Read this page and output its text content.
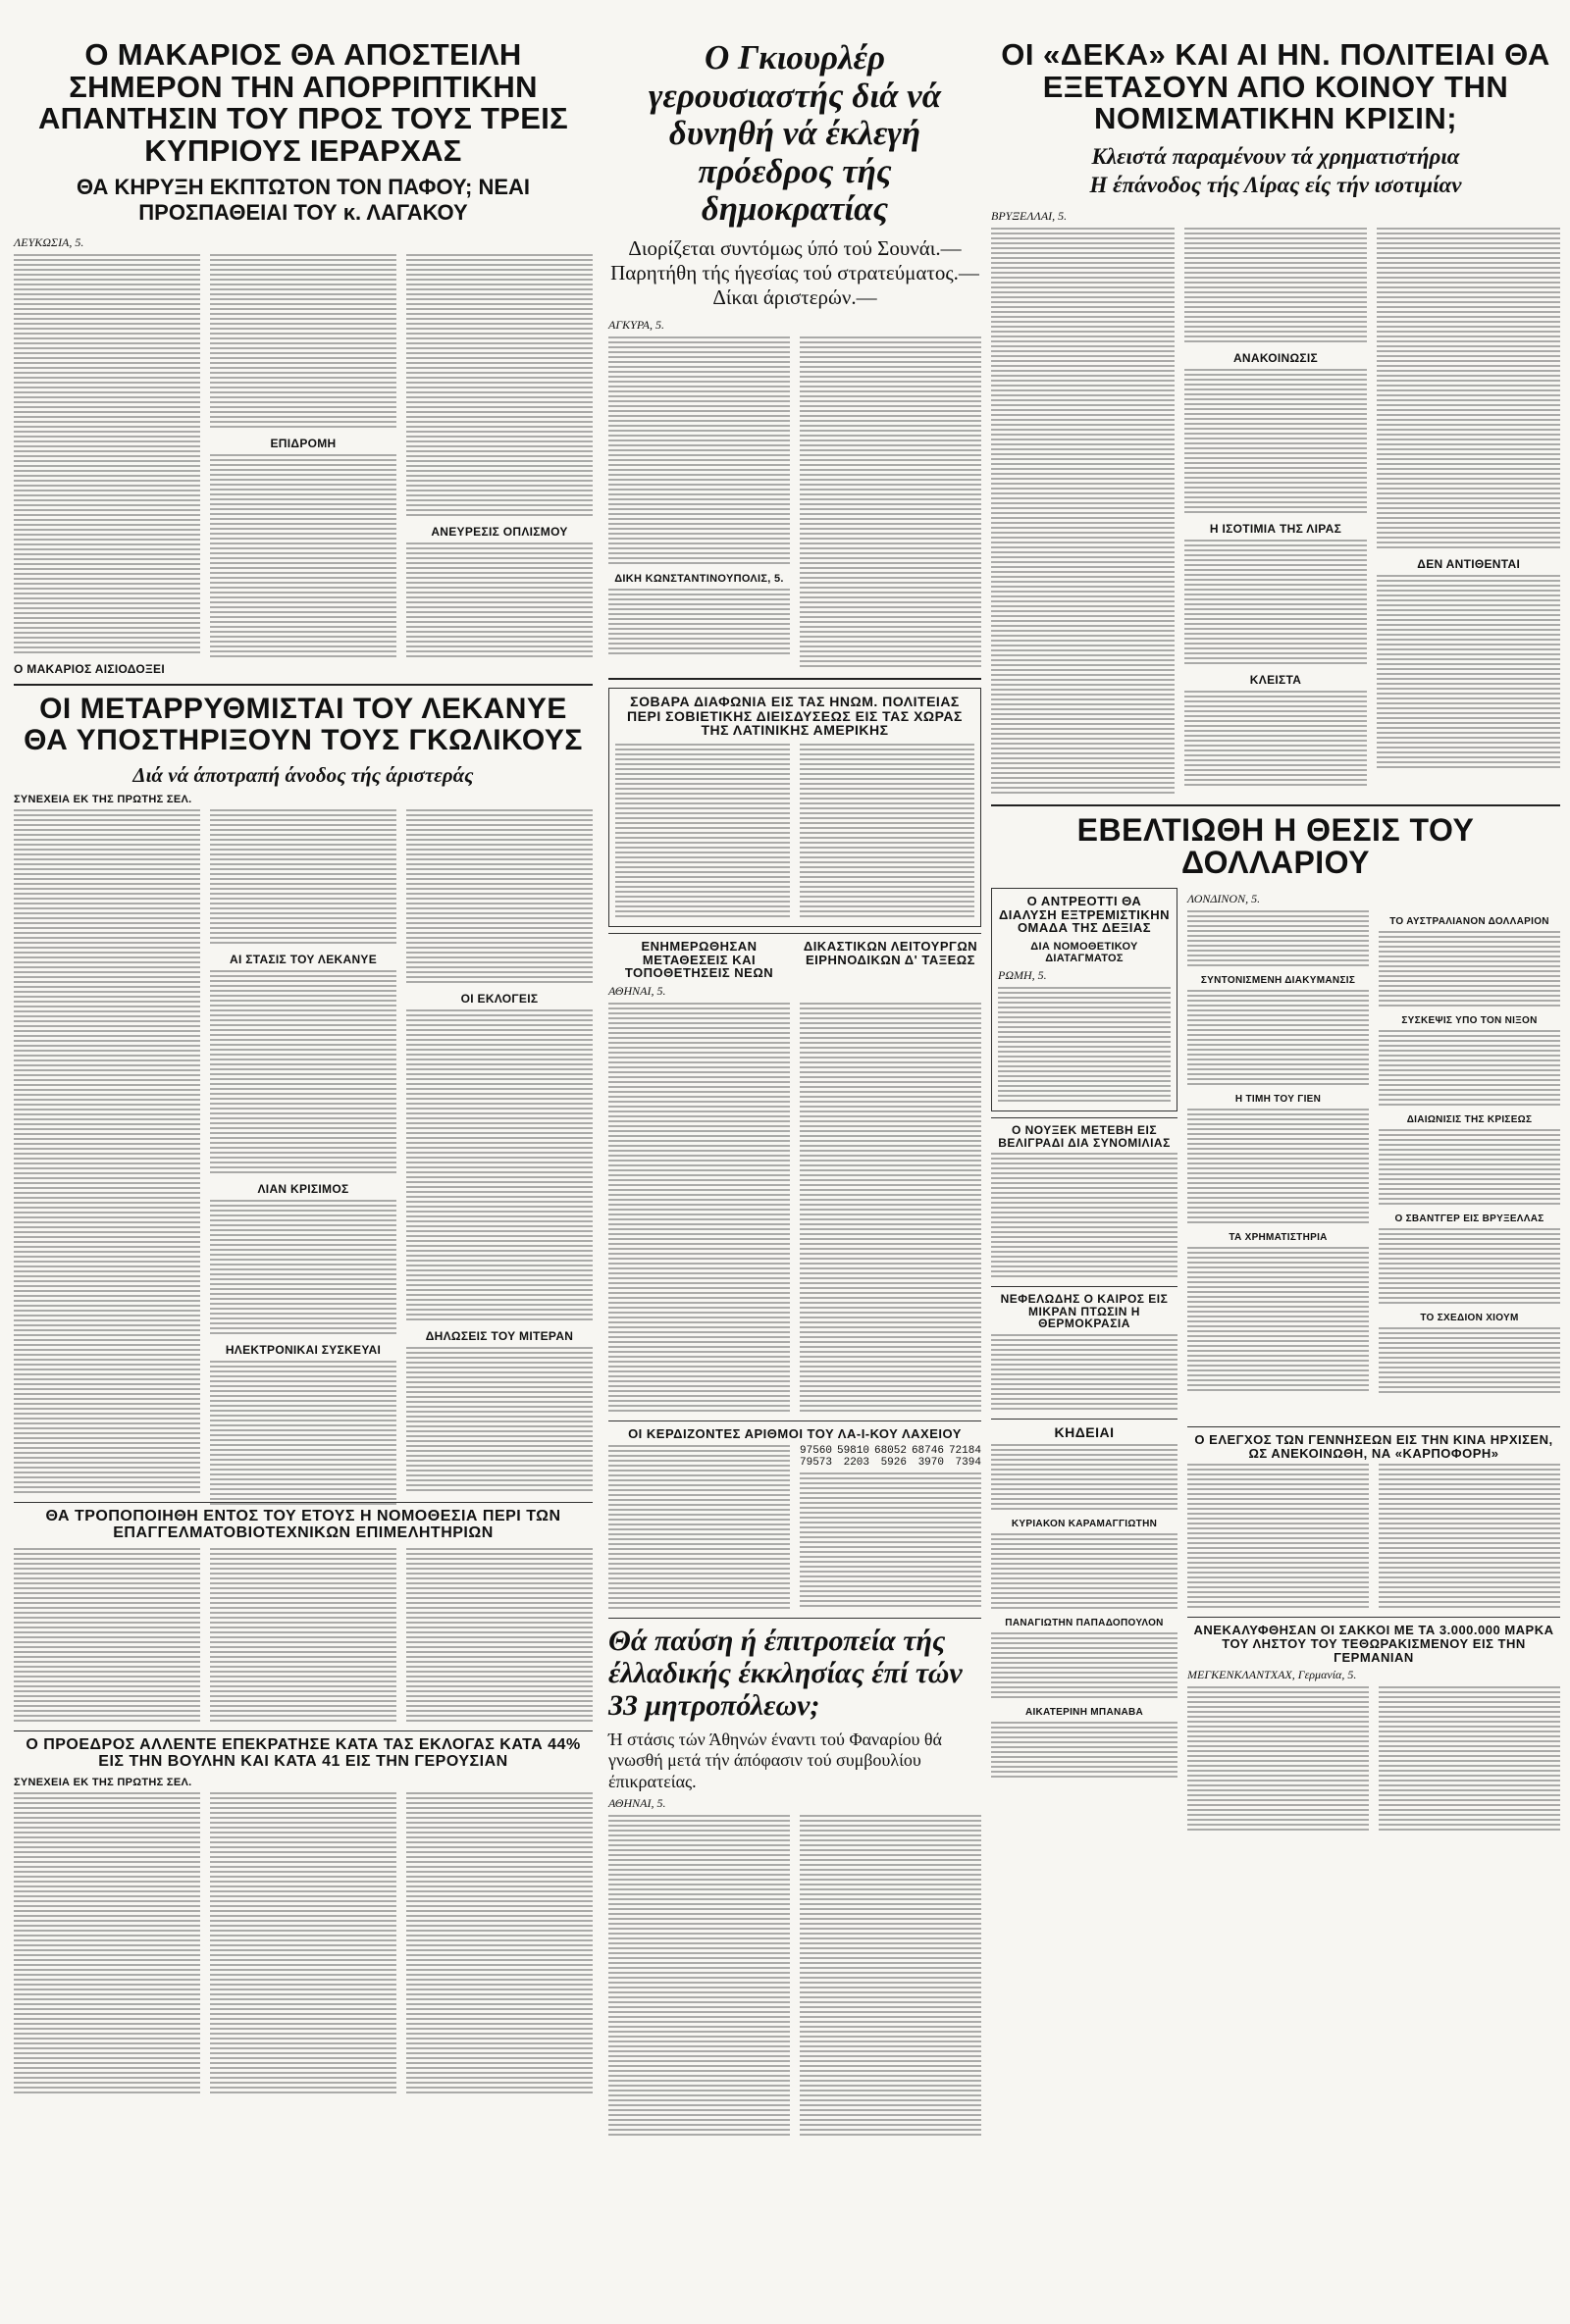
Ο ΜΑΚΑΡΙΟΣ ΘΑ ΑΠΟΣΤΕΙΛΗ ΣΗΜΕΡΟΝ ΤΗΝ ΑΠΟΡΡΙΠΤΙΚΗΝ ΑΠΑΝΤΗΣΙΝ ΤΟΥ ΠΡΟΣ ΤΟΥΣ ΤΡΕΙΣ ΚΥΠΡΙΟΥΣ ΙΕΡΑΡΧΑΣ
ΘΑ ΚΗΡΥΞΗ ΕΚΠΤΩΤΟΝ ΤΟΝ ΠΑΦΟΥ; ΝΕΑΙ ΠΡΟΣΠΑΘΕΙΑΙ ΤΟΥ κ. ΛΑΓΑΚΟΥ
ΛΕΥΚΩΣΙΑ, 5.
ΕΠΙΔΡΟΜΗ
ΑΝΕΥΡΕΣΙΣ ΟΠΛΙΣΜΟΥ
Ο ΜΑΚΑΡΙΟΣ ΑΙΣΙΟΔΟΞΕΙ
ΟΙ ΜΕΤΑΡΡΥΘΜΙΣΤΑΙ ΤΟΥ ΛΕΚΑΝΥΕ ΘΑ ΥΠΟΣΤΗΡΙΞΟΥΝ ΤΟΥΣ ΓΚΩΛΙΚΟΥΣ
Διά νά άποτραπή άνοδος τής άριστεράς
ΣΥΝΕΧΕΙΑ ΕΚ ΤΗΣ ΠΡΩΤΗΣ ΣΕΛ.
ΑΙ ΣΤΑΣΙΣ ΤΟΥ ΛΕΚΑΝΥΕ
ΛΙΑΝ ΚΡΙΣΙΜΟΣ
ΗΛΕΚΤΡΟΝΙΚΑΙ ΣΥΣΚΕΥΑΙ
ΟΙ ΕΚΛΟΓΕΙΣ
ΔΗΛΩΣΕΙΣ ΤΟΥ ΜΙΤΕΡΑΝ
ΘΑ ΤΡΟΠΟΠΟΙΗΘΗ ΕΝΤΟΣ ΤΟΥ ΕΤΟΥΣ Η ΝΟΜΟΘΕΣΙΑ ΠΕΡΙ ΤΩΝ ΕΠΑΓΓΕΛΜΑΤΟΒΙΟΤΕΧΝΙΚΩΝ ΕΠΙΜΕΛΗΤΗΡΙΩΝ
Ο ΠΡΟΕΔΡΟΣ ΑΛΛΕΝΤΕ ΕΠΕΚΡΑΤΗΣΕ ΚΑΤΑ ΤΑΣ ΕΚΛΟΓΑΣ ΚΑΤΑ 44% ΕΙΣ ΤΗΝ ΒΟΥΛΗΝ ΚΑΙ ΚΑΤΑ 41 ΕΙΣ ΤΗΝ ΓΕΡΟΥΣΙΑΝ
ΣΥΝΕΧΕΙΑ ΕΚ ΤΗΣ ΠΡΩΤΗΣ ΣΕΛ.
Ο Γκιουρλέρ γερουσιαστής διά νά δυνηθή νά έκλεγή πρόεδρος τής δημοκρατίας
Διορίζεται συντόμως ύπό τού Σουνάι.— Παρητήθη τής ήγεσίας τού στρατεύματος.— Δίκαι άριστερών.—
ΑΓΚΥΡΑ, 5.
ΔΙΚΗ ΚΩΝΣΤΑΝΤΙΝΟΥΠΟΛΙΣ, 5.
ΣΟΒΑΡΑ ΔΙΑΦΩΝΙΑ ΕΙΣ ΤΑΣ ΗΝΩΜ. ΠΟΛΙΤΕΙΑΣ ΠΕΡΙ ΣΟΒΙΕΤΙΚΗΣ ΔΙΕΙΣΔΥΣΕΩΣ ΕΙΣ ΤΑΣ ΧΩΡΑΣ ΤΗΣ ΛΑΤΙΝΙΚΗΣ ΑΜΕΡΙΚΗΣ
ΕΝΗΜΕΡΩΘΗΣΑΝ ΜΕΤΑΘΕΣΕΙΣ ΚΑΙ ΤΟΠΟΘΕΤΗΣΕΙΣ ΝΕΩΝ
ΔΙΚΑΣΤΙΚΩΝ ΛΕΙΤΟΥΡΓΩΝ ΕΙΡΗΝΟΔΙΚΩΝ Δ' ΤΑΞΕΩΣ
ΑΘΗΝΑΙ, 5.
ΟΙ ΚΕΡΔΙΖΟΝΤΕΣ ΑΡΙΘΜΟΙ ΤΟΥ ΛΑ-Ι-ΚΟΥ ΛΑΧΕΙΟΥ
97560 59810 68052 68746 72184
79573 2203 5926 3970 7394
Θά παύση ή έπιτροπεία τής έλλαδικής έκκλησίας έπί τών 33 μητροπόλεων;
Ή στάσις τών Άθηνών έναντι τού Φαναρίου θά γνωσθή μετά τήν άπόφασιν τού συμβουλίου έπικρατείας.
ΑΘΗΝΑΙ, 5.
ΟΙ «ΔΕΚΑ» ΚΑΙ ΑΙ ΗΝ. ΠΟΛΙΤΕΙΑΙ ΘΑ ΕΞΕΤΑΣΟΥΝ ΑΠΟ ΚΟΙΝΟΥ ΤΗΝ ΝΟΜΙΣΜΑΤΙΚΗΝ ΚΡΙΣΙΝ;
Κλειστά παραμένουν τά χρηματιστήρια
Η έπάνοδος τής Λίρας είς τήν ισοτιμίαν
ΒΡΥΞΕΛΛΑΙ, 5.
ΑΝΑΚΟΙΝΩΣΙΣ
Η ΙΣΟΤΙΜΙΑ ΤΗΣ ΛΙΡΑΣ
ΚΛΕΙΣΤΑ
ΔΕΝ ΑΝΤΙΘΕΝΤΑΙ
ΕΒΕΛΤΙΩΘΗ Η ΘΕΣΙΣ ΤΟΥ ΔΟΛΛΑΡΙΟΥ
Ο ΑΝΤΡΕΟΤΤΙ ΘΑ ΔΙΑΛΥΣΗ ΕΞΤΡΕΜΙΣΤΙΚΗΝ ΟΜΑΔΑ ΤΗΣ ΔΕΞΙΑΣ
ΔΙΑ ΝΟΜΟΘΕΤΙΚΟΥ ΔΙΑΤΑΓΜΑΤΟΣ
ΡΩΜΗ, 5.
Ο ΝΟΥΞΕΚ ΜΕΤΕΒΗ ΕΙΣ ΒΕΛΙΓΡΑΔΙ ΔΙΑ ΣΥΝΟΜΙΛΙΑΣ
ΝΕΦΕΛΩΔΗΣ Ο ΚΑΙΡΟΣ ΕΙΣ ΜΙΚΡΑΝ ΠΤΩΣΙΝ Η ΘΕΡΜΟΚΡΑΣΙΑ
ΚΗΔΕΙΑΙ
ΚΥΡΙΑΚΟΝ ΚΑΡΑΜΑΓΓΙΩΤΗΝ
ΠΑΝΑΓΙΩΤΗΝ ΠΑΠΑΔΟΠΟΥΛΟΝ
ΑΙΚΑΤΕΡΙΝΗ ΜΠΑΝΑΒΑ
ΛΟΝΔΙΝΟΝ, 5.
ΣΥΝΤΟΝΙΣΜΕΝΗ ΔΙΑΚΥΜΑΝΣΙΣ
Η ΤΙΜΗ ΤΟΥ ΓΙΕΝ
ΤΑ ΧΡΗΜΑΤΙΣΤΗΡΙΑ
ΤΟ ΑΥΣΤΡΑΛΙΑΝΟΝ ΔΟΛΛΑΡΙΟΝ
ΣΥΣΚΕΨΙΣ ΥΠΟ ΤΟΝ ΝΙΞΟΝ
ΔΙΑΙΩΝΙΣΙΣ ΤΗΣ ΚΡΙΣΕΩΣ
Ο ΣΒΑΝΤΓΕΡ ΕΙΣ ΒΡΥΞΕΛΛΑΣ
ΤΟ ΣΧΕΔΙΟΝ ΧΙΟΥΜ
Ο ΕΛΕΓΧΟΣ ΤΩΝ ΓΕΝΝΗΣΕΩΝ ΕΙΣ ΤΗΝ ΚΙΝΑ ΗΡΧΙΣΕΝ, ΩΣ ΑΝΕΚΟΙΝΩΘΗ, ΝΑ «ΚΑΡΠΟΦΟΡΗ»
ΑΝΕΚΑΛΥΦΘΗΣΑΝ ΟΙ ΣΑΚΚΟΙ ΜΕ ΤΑ 3.000.000 ΜΑΡΚΑ ΤΟΥ ΛΗΣΤΟΥ ΤΟΥ ΤΕΘΩΡΑΚΙΣΜΕΝΟΥ ΕΙΣ ΤΗΝ ΓΕΡΜΑΝΙΑΝ
ΜΕΓΚΕΝΚΛΑΝΤΧΑΧ, Γερμανία, 5.
